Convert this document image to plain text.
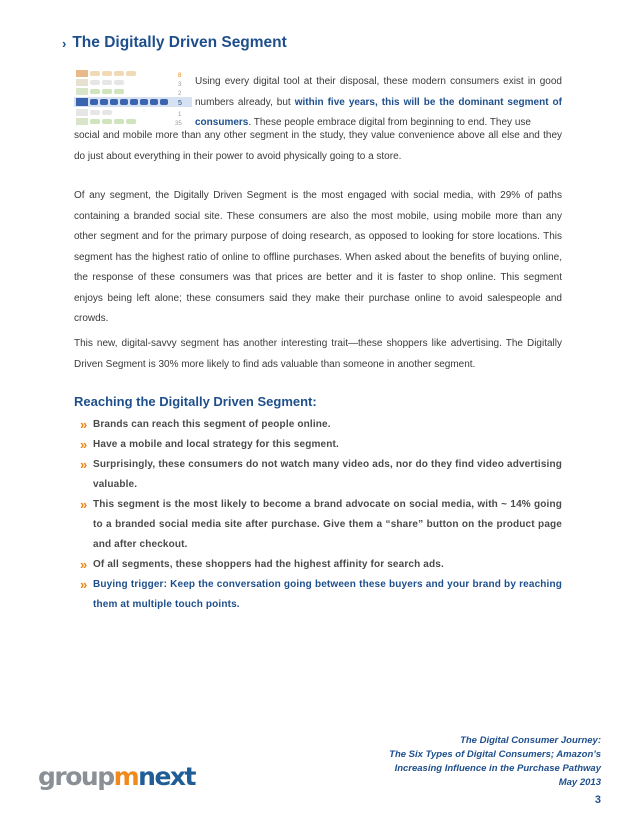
› The Digitally Driven Segment
8
3
2
5
1
35
Using every digital tool at their disposal, these modern consumers exist in good numbers already, but within five years, this will be the dominant segment of consumers. These people embrace digital from beginning to end. They use
social and mobile more than any other segment in the study, they value convenience above all else and they do just about everything in their power to avoid physically going to a store.
Of any segment, the Digitally Driven Segment is the most engaged with social media, with 29% of paths containing a branded social site. These consumers are also the most mobile, using mobile more than any other segment and for the primary purpose of doing research, as opposed to looking for store locations. This segment has the highest ratio of online to offline purchases. When asked about the benefits of buying online, the response of these consumers was that prices are better and it is faster to shop online. This segment enjoys being left alone; these consumers said they make their purchase online to avoid salespeople and crowds.
This new, digital-savvy segment has another interesting trait—these shoppers like advertising. The Digitally Driven Segment is 30% more likely to find ads valuable than someone in another segment.
Reaching the Digitally Driven Segment:
» Brands can reach this segment of people online.
» Have a mobile and local strategy for this segment.
» Surprisingly, these consumers do not watch many video ads, nor do they find video advertising valuable.
» This segment is the most likely to become a brand advocate on social media, with ~ 14% going to a branded social media site after purchase. Give them a “share” button on the product page and after checkout.
» Of all segments, these shoppers had the highest affinity for search ads.
» Buying trigger: Keep the conversation going between these buyers and your brand by reaching them at multiple touch points.
group m next
The Digital Consumer Journey:
The Six Types of Digital Consumers; Amazon’s
Increasing Influence in the Purchase Pathway
May 2013
3
